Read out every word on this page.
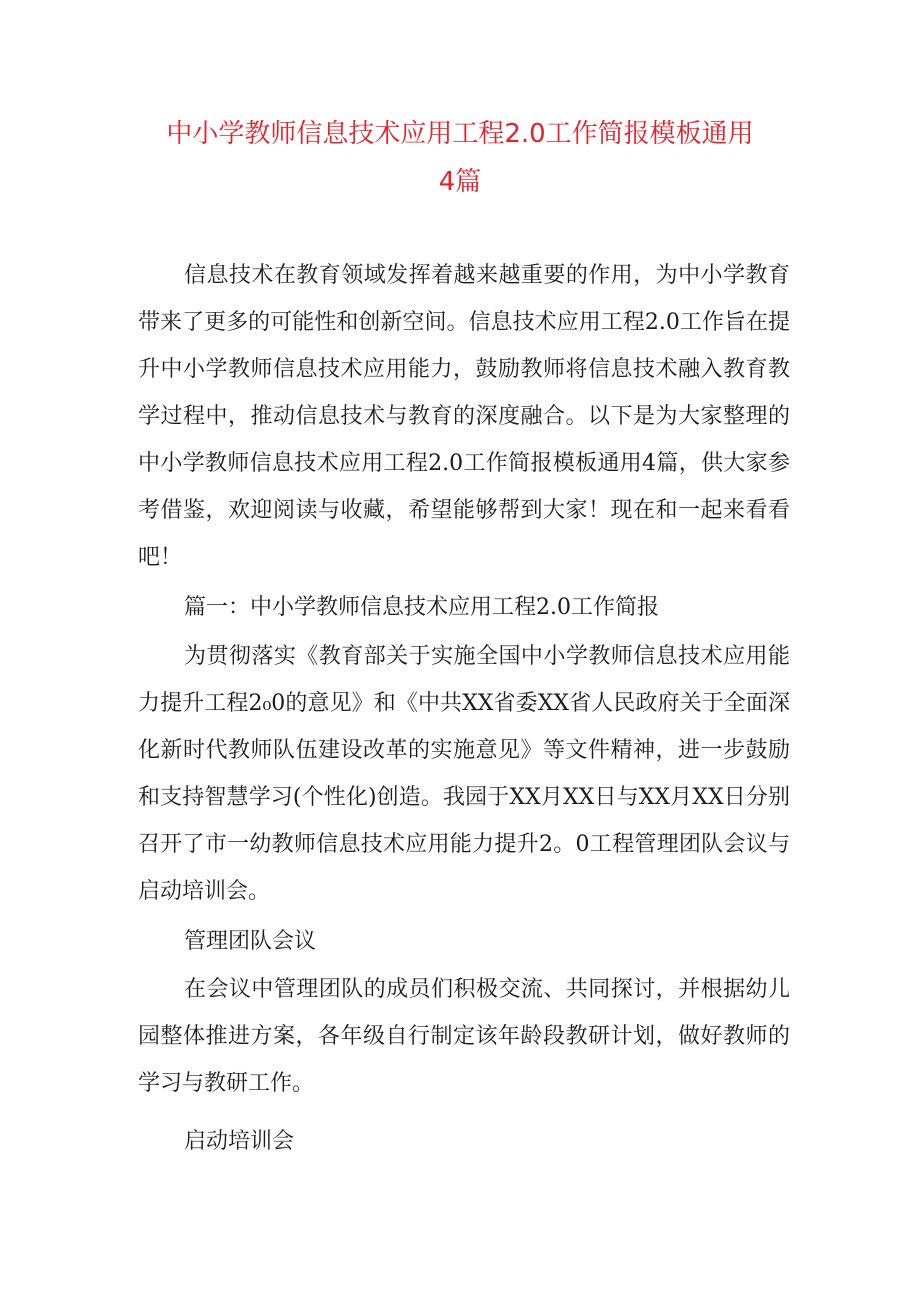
中小学教师信息技术应用工程2.0工作简报模板通用
4篇

信息技术在教育领域发挥着越来越重要的作用，为中小学教育带来了更多的可能性和创新空间。信息技术应用工程2.0工作旨在提升中小学教师信息技术应用能力，鼓励教师将信息技术融入教育教学过程中，推动信息技术与教育的深度融合。以下是为大家整理的中小学教师信息技术应用工程2.0工作简报模板通用4篇，供大家参考借鉴，欢迎阅读与收藏，希望能够帮到大家！现在和一起来看看吧！

篇一：中小学教师信息技术应用工程2.0工作简报

为贯彻落实《教育部关于实施全国中小学教师信息技术应用能力提升工程2₀0的意见》和《中共XX省委XX省人民政府关于全面深化新时代教师队伍建设改革的实施意见》等文件精神，进一步鼓励和支持智慧学习(个性化)创造。我园于XX月XX日与XX月XX日分别召开了市一幼教师信息技术应用能力提升2。0工程管理团队会议与启动培训会。

管理团队会议

在会议中管理团队的成员们积极交流、共同探讨，并根据幼儿园整体推进方案，各年级自行制定该年龄段教研计划，做好教师的学习与教研工作。

启动培训会
